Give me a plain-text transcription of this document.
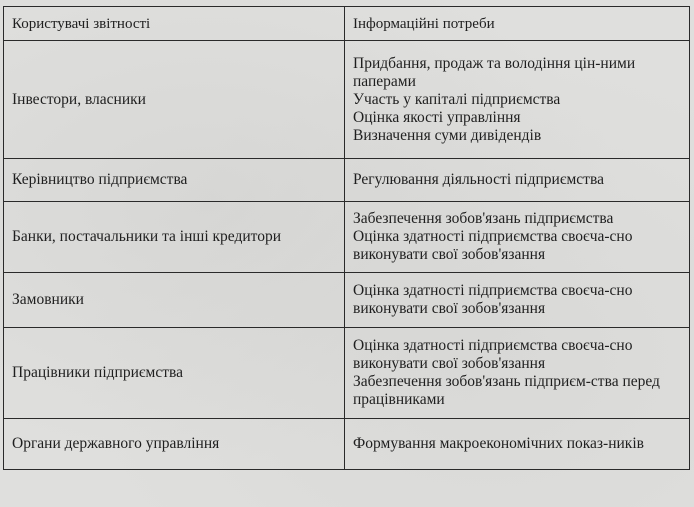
Користувачі звітності	Інформаційні потреби

Інвестори, власники	Придбання, продаж та володіння цін-ними паперами
Участь у капіталі підприємства
Оцінка якості управління
Визначення суми дивідендів

Керівництво підприємства	Регулювання діяльності підприємства

Банки, постачальники та інші кредитори	Забезпечення зобов'язань підприємства
Оцінка здатності підприємства своєча-сно виконувати свої зобов'язання

Замовники	Оцінка здатності підприємства своєча-сно виконувати свої зобов'язання

Працівники підприємства	Оцінка здатності підприємства своєча-сно виконувати свої зобов'язання
Забезпечення зобов'язань підприєм-ства перед працівниками

Органи державного управління	Формування макроекономічних показ-ників
